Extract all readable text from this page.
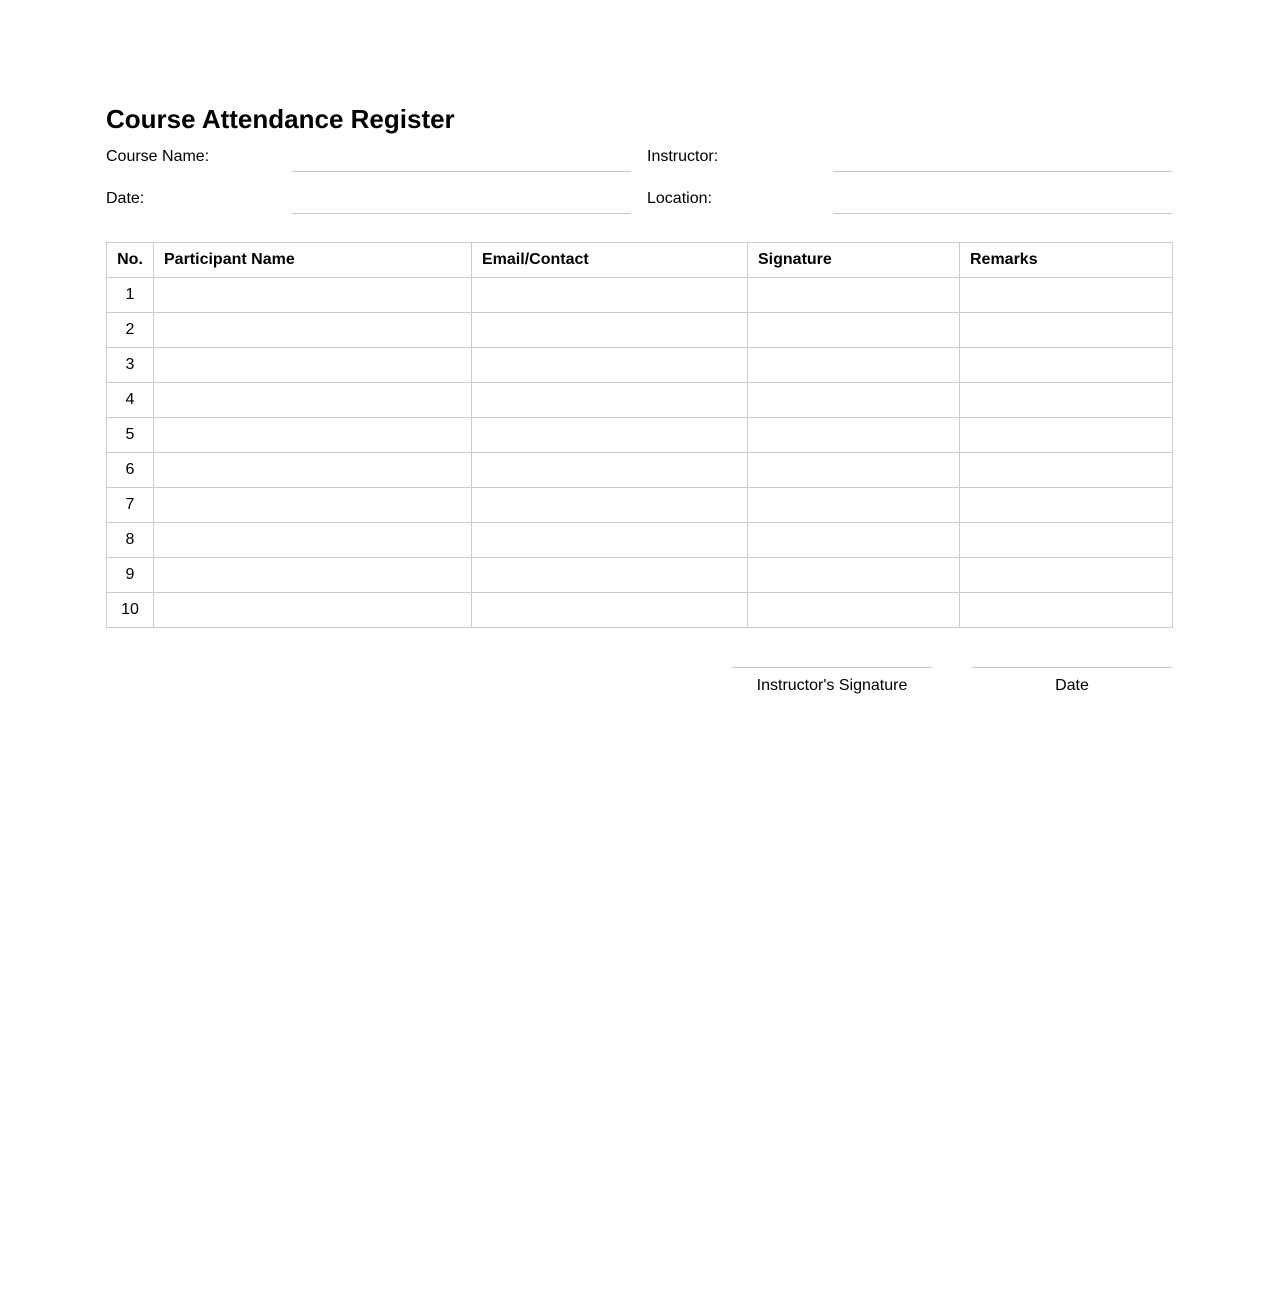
Course Attendance Register
Course Name:	Instructor:
Date:	Location:
No.	Participant Name	Email/Contact	Signature	Remarks
1				
2				
3				
4				
5				
6				
7				
8				
9				
10				
Instructor's Signature	Date
